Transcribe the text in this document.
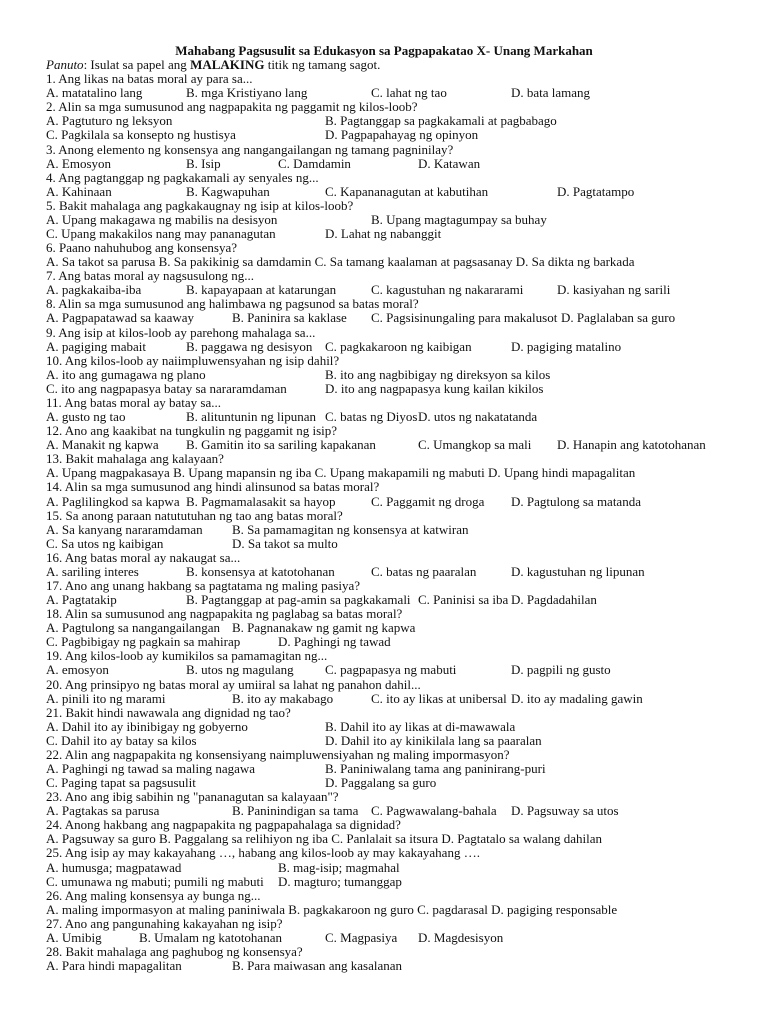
Mahabang Pagsusulit sa Edukasyon sa Pagpapakatao X- Unang Markahan
Panuto: Isulat sa papel ang MALAKING titik ng tamang sagot.
1. Ang likas na batas moral ay para sa...
A. matatalino lang	B. mga Kristiyano lang	C. lahat ng tao	D. bata lamang
2. Alin sa mga sumusunod ang nagpapakita ng paggamit ng kilos-loob?
A. Pagtuturo ng leksyon	B. Pagtanggap sa pagkakamali at pagbabago
C. Pagkilala sa konsepto ng hustisya	D. Pagpapahayag ng opinyon
3. Anong elemento ng konsensya ang nangangailangan ng tamang pagninilay?
A. Emosyon	B. Isip	C. Damdamin	D. Katawan
4. Ang pagtanggap ng pagkakamali ay senyales ng...
A. Kahinaan	B. Kagwapuhan	C. Kapananagutan at kabutihan	D. Pagtatampo
5. Bakit mahalaga ang pagkakaugnay ng isip at kilos-loob?
A. Upang makagawa ng mabilis na desisyon	B. Upang magtagumpay sa buhay
C. Upang makakilos nang may pananagutan	D. Lahat ng nabanggit
6. Paano nahuhubog ang konsensya?
A. Sa takot sa parusa B. Sa pakikinig sa damdamin C. Sa tamang kaalaman at pagsasanay D. Sa dikta ng barkada
7. Ang batas moral ay nagsusulong ng...
A. pagkakaiba-iba	B. kapayapaan at katarungan	C. kagustuhan ng nakararami	D. kasiyahan ng sarili
8. Alin sa mga sumusunod ang halimbawa ng pagsunod sa batas moral?
A. Pagpapatawad sa kaaway	B. Paninira sa kaklase C. Pagsisinungaling para makalusot D. Paglalaban sa guro
9. Ang isip at kilos-loob ay parehong mahalaga sa...
A. pagiging mabait	B. paggawa ng desisyon C. pagkakaroon ng kaibigan	D. pagiging matalino
10. Ang kilos-loob ay naiimpluwensyahan ng isip dahil?
A. ito ang gumagawa ng plano	B. ito ang nagbibigay ng direksyon sa kilos
C. ito ang nagpapasya batay sa nararamdaman	D. ito ang nagpapasya kung kailan kikilos
11. Ang batas moral ay batay sa...
A. gusto ng tao	B. alituntunin ng lipunan C. batas ng Diyos D. utos ng nakatatanda
12. Ano ang kaakibat na tungkulin ng paggamit ng isip?
A. Manakit ng kapwa B. Gamitin ito sa sariling kapakanan	C. Umangkop sa mali D. Hanapin ang katotohanan
13. Bakit mahalaga ang kalayaan?
A. Upang magpakasaya B. Upang mapansin ng iba C. Upang makapamili ng mabuti D. Upang hindi mapagalitan
14. Alin sa mga sumusunod ang hindi alinsunod sa batas moral?
A. Paglilingkod sa kapwa B. Pagmamalasakit sa hayop	C. Paggamit ng droga D. Pagtulong sa matanda
15. Sa anong paraan natututuhan ng tao ang batas moral?
A. Sa kanyang nararamdaman B. Sa pamamagitan ng konsensya at katwiran
C. Sa utos ng kaibigan	D. Sa takot sa multo
16. Ang batas moral ay nakaugat sa...
A. sariling interes	B. konsensya at katotohanan	C. batas ng paaralan	D. kagustuhan ng lipunan
17. Ano ang unang hakbang sa pagtatama ng maling pasiya?
A. Pagtatakip	B. Pagtanggap at pag-amin sa pagkakamali C. Paninisi sa iba D. Pagdadahilan
18. Alin sa sumusunod ang nagpapakita ng paglabag sa batas moral?
A. Pagtulong sa nangangailangan B. Pagnanakaw ng gamit ng kapwa
C. Pagbibigay ng pagkain sa mahirap	D. Paghingi ng tawad
19. Ang kilos-loob ay kumikilos sa pamamagitan ng...
A. emosyon	B. utos ng magulang C. pagpapasya ng mabuti	D. pagpili ng gusto
20. Ang prinsipyo ng batas moral ay umiiral sa lahat ng panahon dahil...
A. pinili ito ng marami	B. ito ay makabago	C. ito ay likas at unibersal D. ito ay madaling gawin
21. Bakit hindi nawawala ang dignidad ng tao?
A. Dahil ito ay ibinibigay ng gobyerno	B. Dahil ito ay likas at di-mawawala
C. Dahil ito ay batay sa kilos	D. Dahil ito ay kinikilala lang sa paaralan
22. Alin ang nagpapakita ng konsensiyang naimpluwensiyahan ng maling impormasyon?
A. Paghingi ng tawad sa maling nagawa	B. Paniniwalang tama ang paninirang-puri
C. Paging tapat sa pagsusulit	D. Paggalang sa guro
23. Ano ang ibig sabihin ng "pananagutan sa kalayaan"?
A. Pagtakas sa parusa	B. Paninindigan sa tama C. Pagwawalang-bahala D. Pagsuway sa utos
24. Anong hakbang ang nagpapakita ng pagpapahalaga sa dignidad?
A. Pagsuway sa guro B. Paggalang sa relihiyon ng iba C. Panlalait sa itsura D. Pagtatalo sa walang dahilan
25. Ang isip ay may kakayahang …, habang ang kilos-loob ay may kakayahang ….
A. humusga; magpatawad	B. mag-isip; magmahal
C. umunawa ng mabuti; pumili ng mabuti D. magturo; tumanggap
26. Ang maling konsensya ay bunga ng...
A. maling impormasyon at maling paniniwala B. pagkakaroon ng guro C. pagdarasal D. pagiging responsable
27. Ano ang pangunahing kakayahan ng isip?
A. Umibig	B. Umalam ng katotohanan	C. Magpasiya D. Magdesisyon
28. Bakit mahalaga ang paghubog ng konsensya?
A. Para hindi mapagalitan	B. Para maiwasan ang kasalanan
